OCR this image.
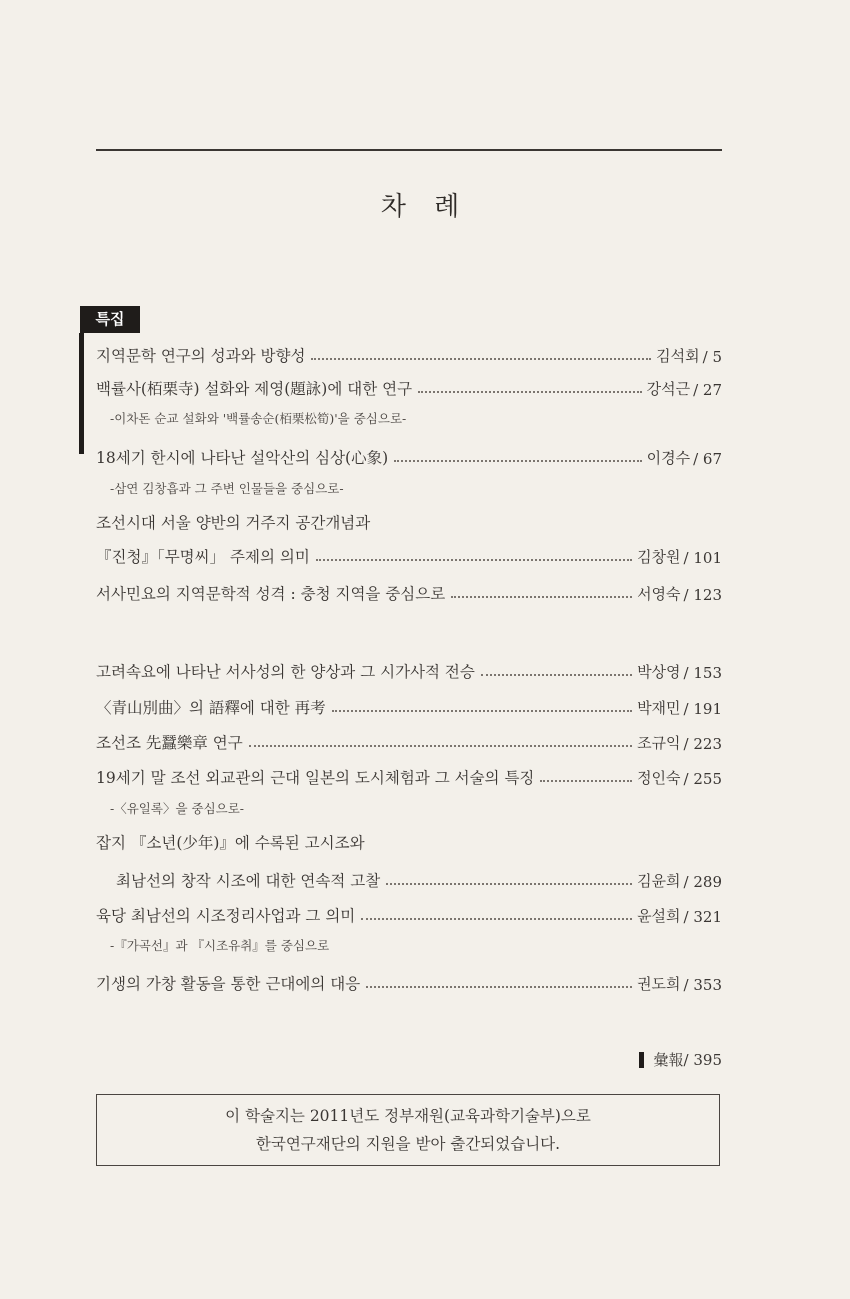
차 례
특집
지역문학 연구의 성과와 방향성	김석회 / 5
백률사(栢栗寺) 설화와 제영(題詠)에 대한 연구	강석근 / 27
-이차돈 순교 설화와 '백률송순(栢栗松筍)'을 중심으로-
18세기 한시에 나타난 설악산의 심상(心象)	이경수 / 67
-삼연 김창흡과 그 주변 인물들을 중심으로-
조선시대 서울 양반의 거주지 공간개념과
『진청』「무명씨」 주제의 의미	김창원 / 101
서사민요의 지역문학적 성격 : 충청 지역을 중심으로	서영숙 / 123
고려속요에 나타난 서사성의 한 양상과 그 시가사적 전승	박상영 / 153
〈青山別曲〉의 語釋에 대한 再考	박재민 / 191
조선조 先蠶樂章 연구	조규익 / 223
19세기 말 조선 외교관의 근대 일본의 도시체험과 그 서술의 특징	정인숙 / 255
-〈유일록〉을 중심으로-
잡지 『소년(少年)』에 수록된 고시조와
최남선의 창작 시조에 대한 연속적 고찰	김윤희 / 289
육당 최남선의 시조정리사업과 그 의미	윤설희 / 321
-『가곡선』과 『시조유취』를 중심으로
기생의 가창 활동을 통한 근대에의 대응	권도희 / 353
彙報 / 395
이 학술지는 2011년도 정부재원(교육과학기술부)으로
한국연구재단의 지원을 받아 출간되었습니다.
